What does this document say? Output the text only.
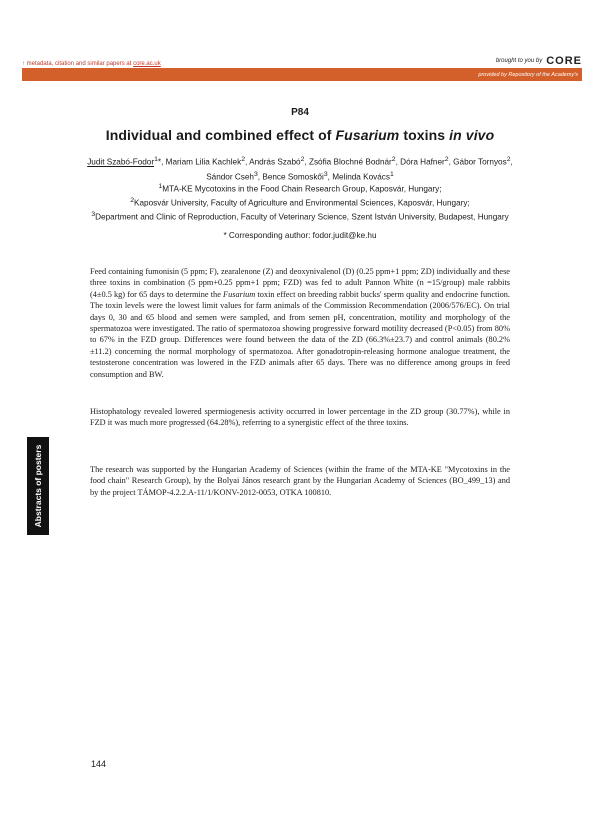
↑ metadata, citation and similar papers at core.ac.uk	brought to you by CORE
provided by Repository of the Academy's
P84
Individual and combined effect of Fusarium toxins in vivo
Judit Szabó-Fodor$^1$*, Mariam Lilia Kachlek$^2$, András Szabó$^2$, Zsófia Blochné Bodnár$^2$, Dóra Hafner$^2$, Gábor Tornyos$^2$, Sándor Cseh$^3$, Bence Somoskői$^3$, Melinda Kovács$^1$
$^1$MTA-KE Mycotoxins in the Food Chain Research Group, Kaposvár, Hungary;
$^2$Kaposvár University, Faculty of Agriculture and Environmental Sciences, Kaposvár, Hungary;
$^3$Department and Clinic of Reproduction, Faculty of Veterinary Science, Szent István University, Budapest, Hungary
* Corresponding author: fodor.judit@ke.hu
Feed containing fumonisin (5 ppm; F), zearalenone (Z) and deoxynivalenol (D) (0.25 ppm+1 ppm; ZD) individually and these three toxins in combination (5 ppm+0.25 ppm+1 ppm; FZD) was fed to adult Pannon White (n =15/group) male rabbits (4±0.5 kg) for 65 days to determine the Fusarium toxin effect on breeding rabbit bucks' sperm quality and endocrine function. The toxin levels were the lowest limit values for farm animals of the Commission Recommendation (2006/576/EC). On trial days 0, 30 and 65 blood and semen were sampled, and from semen pH, concentration, motility and morphology of the spermatozoa were investigated. The ratio of spermatozoa showing progressive forward motility decreased (P<0.05) from 80% to 67% in the FZD group. Differences were found between the data of the ZD (66.3%±23.7) and control animals (80.2%±11.2) concerning the normal morphology of spermatozoa. After gonadotropin-releasing hormone analogue treatment, the testosterone concentration was lowered in the FZD animals after 65 days. There was no difference among groups in feed consumption and BW.
Histophatology revealed lowered spermiogenesis activity occurred in lower percentage in the ZD group (30.77%), while in FZD it was much more progressed (64.28%), referring to a synergistic effect of the three toxins.
The research was supported by the Hungarian Academy of Sciences (within the frame of the MTA-KE "Mycotoxins in the food chain" Research Group), by the Bolyai János research grant by the Hungarian Academy of Sciences (BO_499_13) and by the project TÁMOP-4.2.2.A-11/1/KONV-2012-0053, OTKA 100810.
Abstracts of posters
144
